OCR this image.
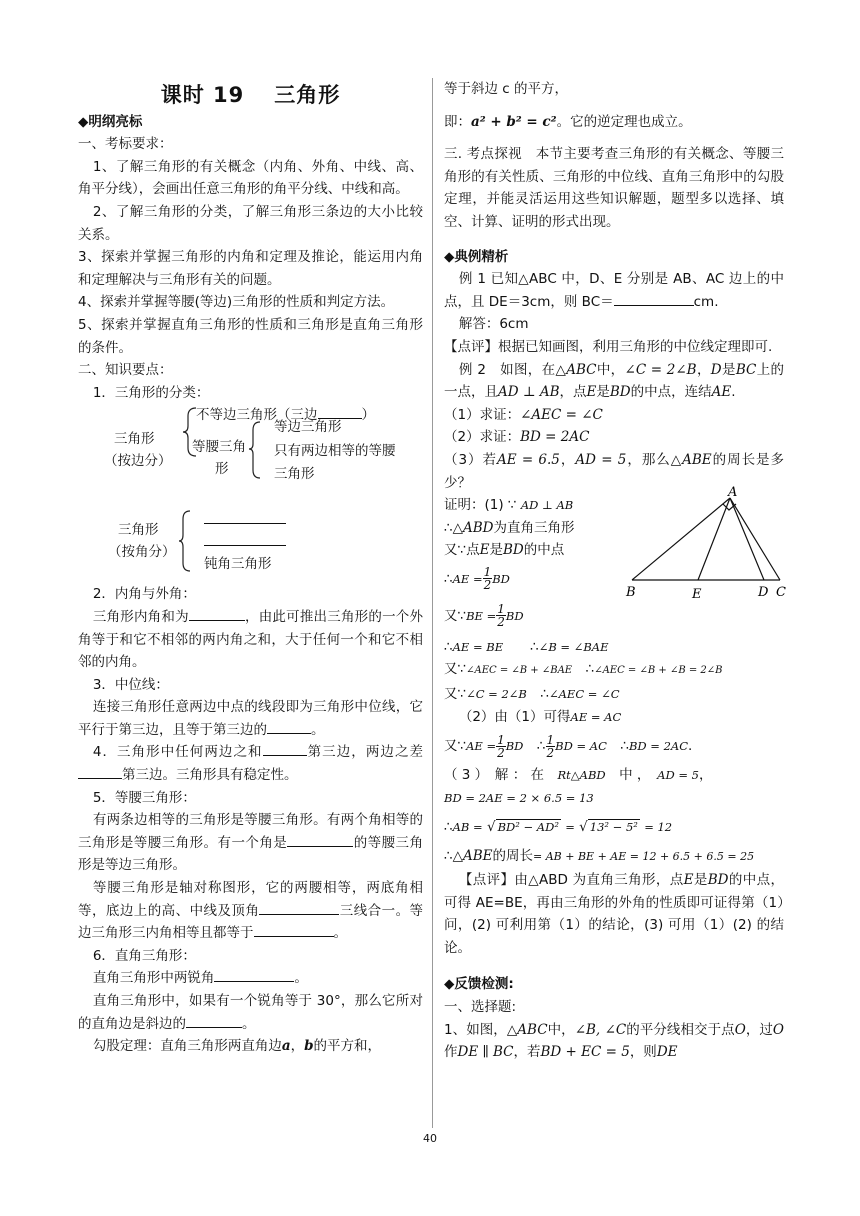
课时 19 三角形

◆明纲亮标

一、考标要求：

1、了解三角形的有关概念（内角、外角、中线、高、角平分线），会画出任意三角形的角平分线、中线和高。

2、了解三角形的分类，了解三角形三条边的大小比较关系。

3、探索并掌握三角形的内角和定理及推论，能运用内角和定理解决与三角形有关的问题。

4、探索并掌握等腰(等边)三角形的性质和判定方法。

5、探索并掌握直角三角形的性质和三角形是直角三角形的条件。

二、知识要点：

1．三角形的分类：

三角形
（按边分）
不等边三角形（三边	）
等腰三角
形
等边三角形
只有两边相等的等腰
三角形
三角形
（按角分）
钝角三角形

2．内角与外角：

三角形内角和为	，由此可推出三角形的一个外角等于和它不相邻的两内角之和，大于任何一个和它不相邻的内角。

3．中位线：

连接三角形任意两边中点的线段即为三角形中位线，它平行于第三边，且等于第三边的	。

4．三角形中任何两边之和	第三边，两边之差第三边。三角形具有稳定性。

5．等腰三角形：

有两条边相等的三角形是等腰三角形。有两个角相等的三角形是等腰三角形。有一个角是	的等腰三角形是等边三角形。

等腰三角形是轴对称图形，它的两腰相等，两底角相等，底边上的高、中线及顶角	三线合一。等边三角形三内角相等且都等于	。

6．直角三角形：

直角三角形中两锐角	。

直角三角形中，如果有一个锐角等于 30°，那么它所对的直角边是斜边的	。

勾股定理：直角三角形两直角边a，b的平方和，

等于斜边 c 的平方，

即：a² + b² = c²。它的逆定理也成立。

三. 考点探视　本节主要考查三角形的有关概念、等腰三角形的有关性质、三角形的中位线、直角三角形中的勾股定理，并能灵活运用这些知识解题，题型多以选择、填空、计算、证明的形式出现。

◆典例精析

例 1 已知△ABC 中，D、E 分别是 AB、AC 边上的中点，且 DE＝3cm，则 BC＝	cm.

解答：6cm

【点评】根据已知画图，利用三角形的中位线定理即可.

例 2　如图，在△ABC中，∠C = 2∠B，D是BC上的一点，且AD ⊥ AB，点E是BD的中点，连结AE.

（1）求证：∠AEC = ∠C

（2）求证：BD = 2AC

（3）若AE = 6.5，AD = 5，那么△ABE的周长是多少？

A
B	E	D C

证明：(1) ∵ AD ⊥ AB

∴△ABD为直角三角形

又∵点E是BD的中点

∴AE = $\frac{1}{2}$ BD

又∵BE = $\frac{1}{2}$ BD

∴AE = BE　　 ∴∠B = ∠BAE

又∵∠AEC = ∠B + ∠BAE　 ∴∠AEC = ∠B + ∠B = 2∠B

又∵∠C = 2∠B　 ∴∠AEC = ∠C

（2）由（1）可得AE = AC

又∵AE = $\frac{1}{2}$ BD　 ∴ $\frac{1}{2}$ BD = AC　 ∴BD = 2AC.

（ 3 ）　解 ： 在　 Rt△ABD　 中 ，　 AD = 5，

BD = 2AE = 2 × 6.5 = 13

∴AB = √ BD² − AD² = √ 13² − 5² = 12

∴△ABE的周长= AB + BE + AE = 12 + 6.5 + 6.5 = 25

【点评】由△ABD 为直角三角形，点E是BD的中点，可得 AE=BE，再由三角形的外角的性质即可证得第（1）问，(2) 可利用第（1）的结论，(3) 可用（1）(2) 的结论。

◆反馈检测:

一、选择题:

1、如图，△ABC中，∠B, ∠C的平分线相交于点O，过O作DE ∥ BC，若BD + EC = 5，则DE

40
